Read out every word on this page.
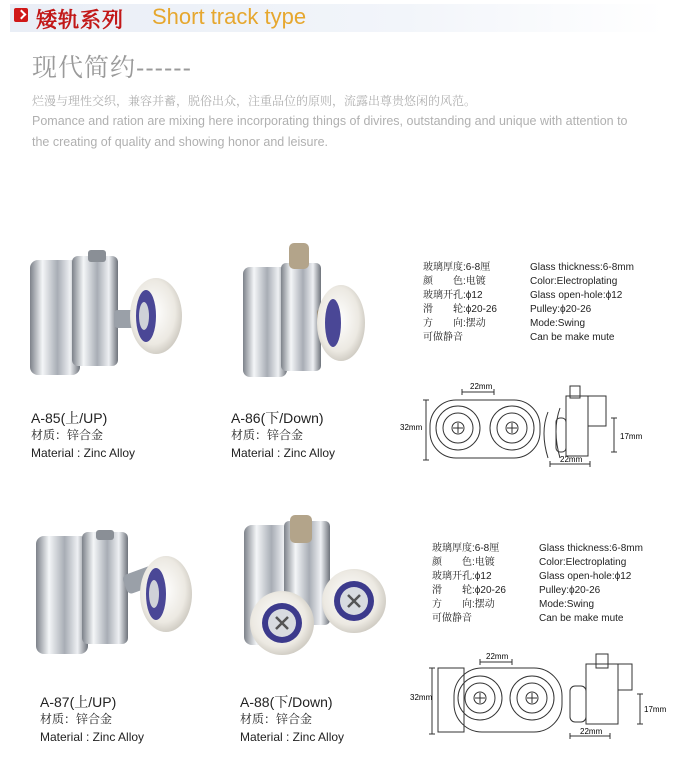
矮轨系列 Short track type
现代简约------
烂漫与理性交织，兼容并蓄，脱俗出众，注重品位的原则，流露出尊贵悠闲的风范。
Pomance and ration are mixing here incorporating things of divires, outstanding and unique with attention to the creating of quality and showing honor and leisure.
A-85(上/UP)
材质：锌合金
Material : Zinc Alloy
A-86(下/Down)
材质：锌合金
Material : Zinc Alloy
玻璃厚度:6-8厘
颜　　色:电镀
玻璃开孔:ϕ12
滑　　轮:ϕ20-26
方　　向:摆动
可做静音
Glass thickness:6-8mm
Color:Electroplating
Glass open-hole:ϕ12
Pulley:ϕ20-26
Mode:Swing
Can be make mute
22mm
32mm
17mm
22mm
A-87(上/UP)
材质：锌合金
Material : Zinc Alloy
A-88(下/Down)
材质：锌合金
Material : Zinc Alloy
玻璃厚度:6-8厘
颜　　色:电镀
玻璃开孔:ϕ12
滑　　轮:ϕ20-26
方　　向:摆动
可做静音
Glass thickness:6-8mm
Color:Electroplating
Glass open-hole:ϕ12
Pulley:ϕ20-26
Mode:Swing
Can be make mute
22mm
32mm
17mm
22mm
